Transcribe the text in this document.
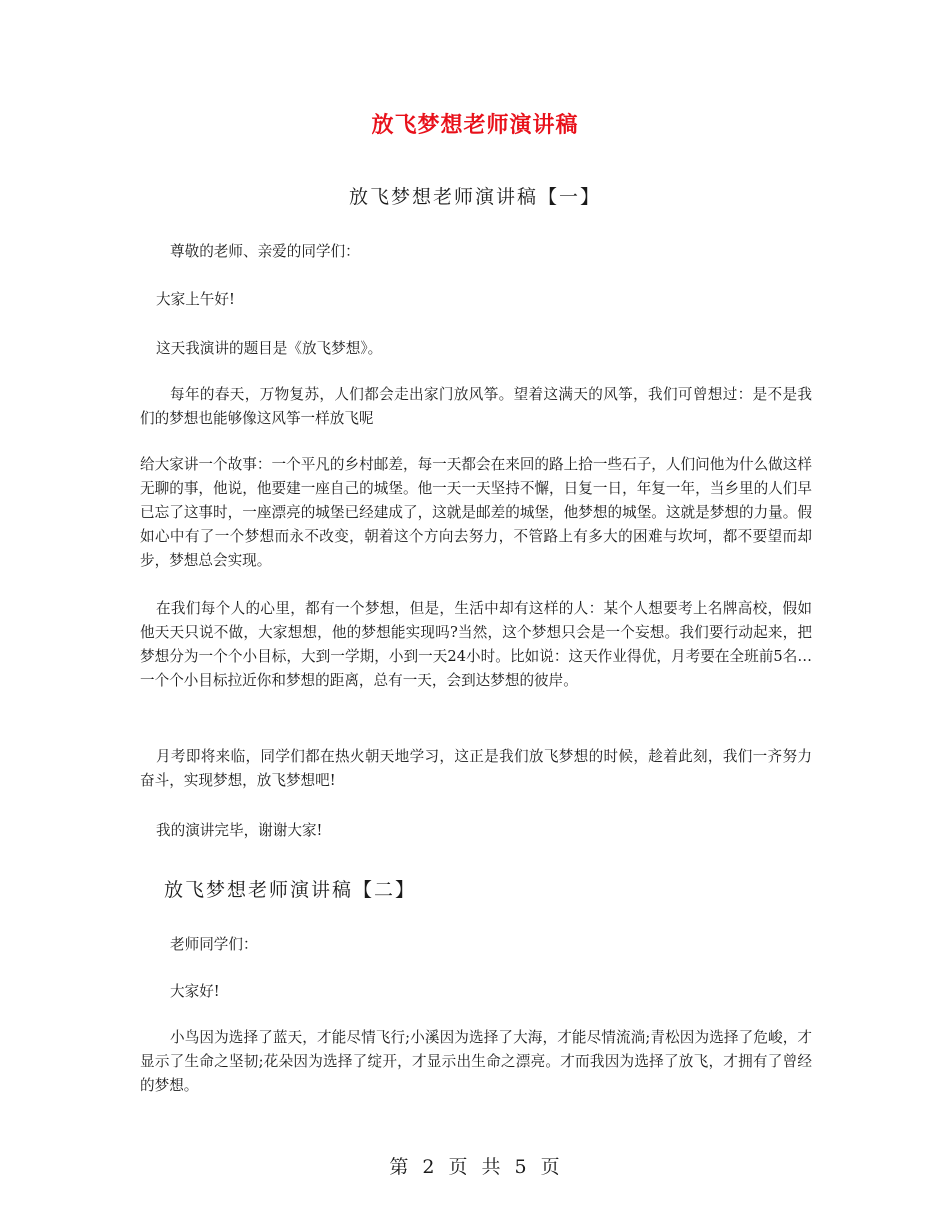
放飞梦想老师演讲稿
放飞梦想老师演讲稿【一】

尊敬的老师、亲爱的同学们：

大家上午好!

这天我演讲的题目是《放飞梦想》。

每年的春天，万物复苏，人们都会走出家门放风筝。望着这满天的风筝，我们可曾想过：是不是我们的梦想也能够像这风筝一样放飞呢

给大家讲一个故事：一个平凡的乡村邮差，每一天都会在来回的路上拾一些石子，人们问他为什么做这样无聊的事，他说，他要建一座自己的城堡。他一天一天坚持不懈，日复一日，年复一年，当乡里的人们早已忘了这事时，一座漂亮的城堡已经建成了，这就是邮差的城堡，他梦想的城堡。这就是梦想的力量。假如心中有了一个梦想而永不改变，朝着这个方向去努力，不管路上有多大的困难与坎坷，都不要望而却步，梦想总会实现。

在我们每个人的心里，都有一个梦想，但是，生活中却有这样的人：某个人想要考上名牌高校，假如他天天只说不做，大家想想，他的梦想能实现吗?当然，这个梦想只会是一个妄想。我们要行动起来，把梦想分为一个个小目标，大到一学期，小到一天24小时。比如说：这天作业得优，月考要在全班前5名…一个个小目标拉近你和梦想的距离，总有一天，会到达梦想的彼岸。

月考即将来临，同学们都在热火朝天地学习，这正是我们放飞梦想的时候，趁着此刻，我们一齐努力奋斗，实现梦想，放飞梦想吧!

我的演讲完毕，谢谢大家!

放飞梦想老师演讲稿【二】

老师同学们：

大家好!

小鸟因为选择了蓝天，才能尽情飞行;小溪因为选择了大海，才能尽情流淌;青松因为选择了危峻，才显示了生命之坚韧;花朵因为选择了绽开，才显示出生命之漂亮。才而我因为选择了放飞，才拥有了曾经的梦想。

第 2 页 共 5 页
